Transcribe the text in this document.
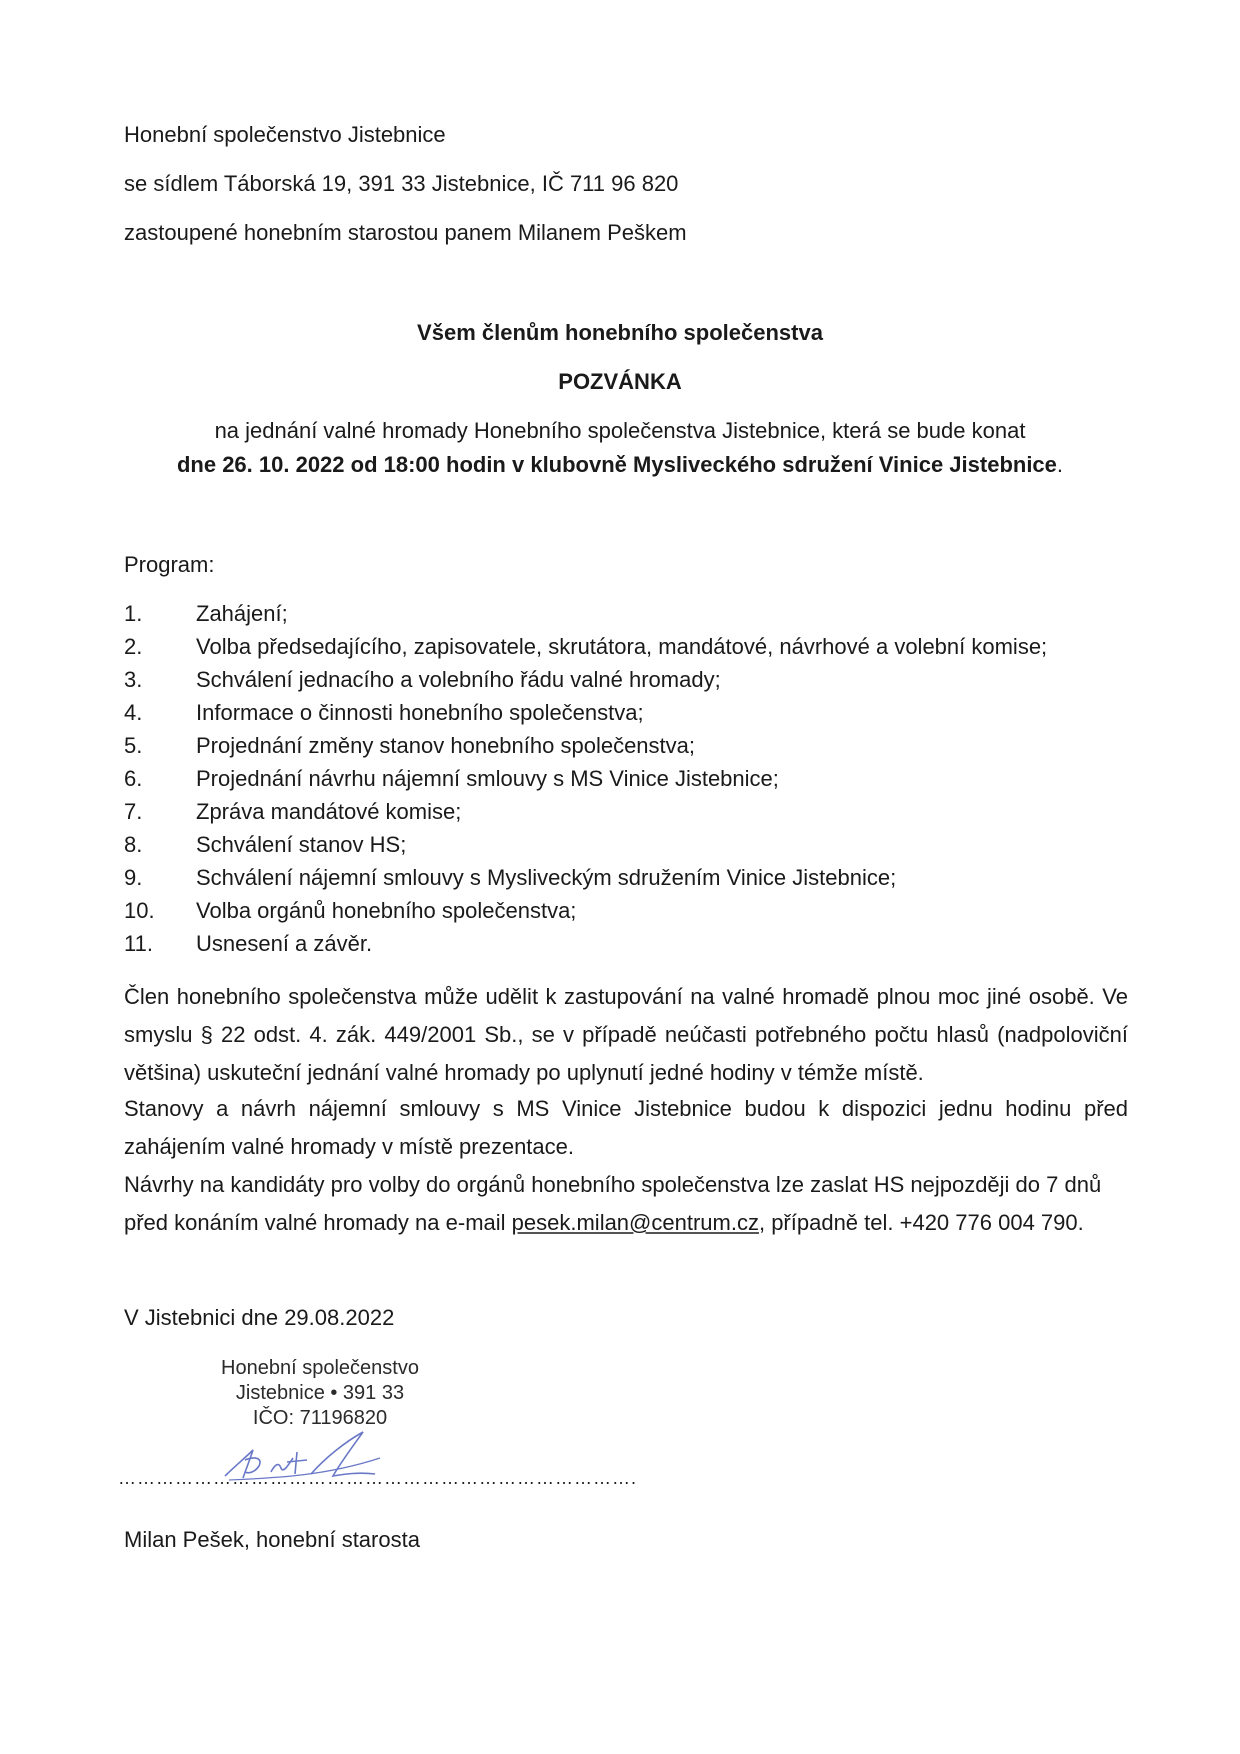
Honební společenstvo Jistebnice
se sídlem Táborská 19, 391 33 Jistebnice, IČ 711 96 820
zastoupené honebním starostou panem Milanem Peškem
Všem členům honebního společenstva
POZVÁNKA
na jednání valné hromady Honebního společenstva Jistebnice, která se bude konat
dne 26. 10. 2022 od 18:00 hodin v klubovně Mysliveckého sdružení Vinice Jistebnice.
Program:
1. Zahájení;
2. Volba předsedajícího, zapisovatele, skrutátora, mandátové, návrhové a volební komise;
3. Schválení jednacího a volebního řádu valné hromady;
4. Informace o činnosti honebního společenstva;
5. Projednání změny stanov honebního společenstva;
6. Projednání návrhu nájemní smlouvy s MS Vinice Jistebnice;
7. Zpráva mandátové komise;
8. Schválení stanov HS;
9. Schválení nájemní smlouvy s Mysliveckým sdružením Vinice Jistebnice;
10. Volba orgánů honebního společenstva;
11. Usnesení a závěr.
Člen honebního společenstva může udělit k zastupování na valné hromadě plnou moc jiné osobě. Ve smyslu § 22 odst. 4. zák. 449/2001 Sb., se v případě neúčasti potřebného počtu hlasů (nadpoloviční většina) uskuteční jednání valné hromady po uplynutí jedné hodiny v témže místě.
Stanovy a návrh nájemní smlouvy s MS Vinice Jistebnice budou k dispozici jednu hodinu před zahájením valné hromady v místě prezentace.
Návrhy na kandidáty pro volby do orgánů honebního společenstva lze zaslat HS nejpozději do 7 dnů před konáním valné hromady na e-mail pesek.milan@centrum.cz, případně tel. +420 776 004 790.
V Jistebnici dne 29.08.2022
Honební společenstvo
Jistebnice • 391 33
IČO: 71196820
……………………………………………………………………….
Milan Pešek, honební starosta
